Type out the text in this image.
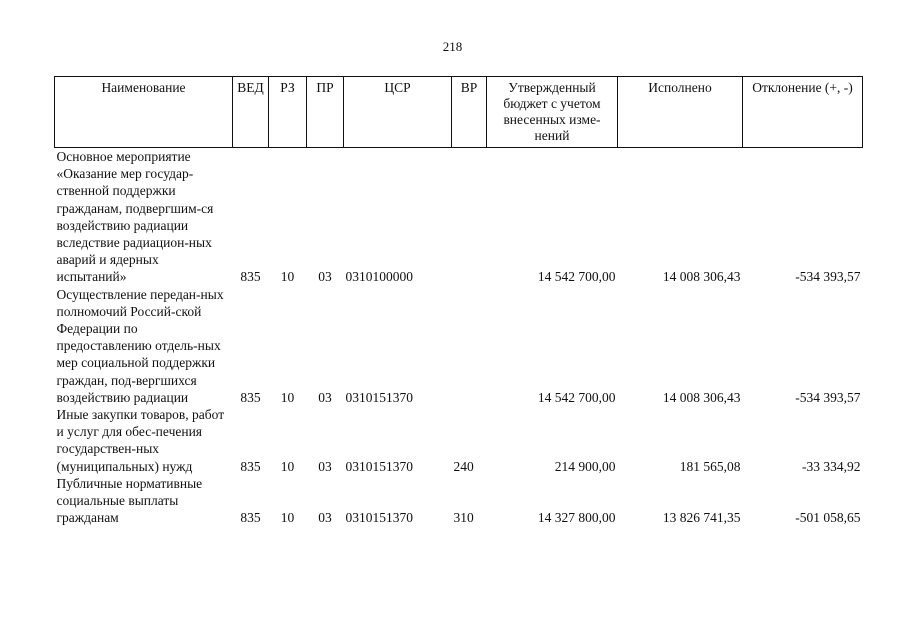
218
Наименование	ВЕД	РЗ	ПР	ЦСР	ВР	Утвержденный бюджет с учетом внесенных изме-нений	Исполнено	Отклонение (+, -)
Основное мероприятие «Оказание мер государ-ственной поддержки гражданам, подвергшим-ся воздействию радиации вследствие радиацион-ных аварий и ядерных испытаний»	835	10	03	0310100000		14 542 700,00	14 008 306,43	-534 393,57
Осуществление передан-ных полномочий Россий-ской Федерации по предоставлению отдель-ных мер социальной поддержки граждан, под-вергшихся воздействию радиации	835	10	03	0310151370		14 542 700,00	14 008 306,43	-534 393,57
Иные закупки товаров, работ и услуг для обес-печения государствен-ных (муниципальных) нужд	835	10	03	0310151370	240	214 900,00	181 565,08	-33 334,92
Публичные нормативные социальные выплаты гражданам	835	10	03	0310151370	310	14 327 800,00	13 826 741,35	-501 058,65
